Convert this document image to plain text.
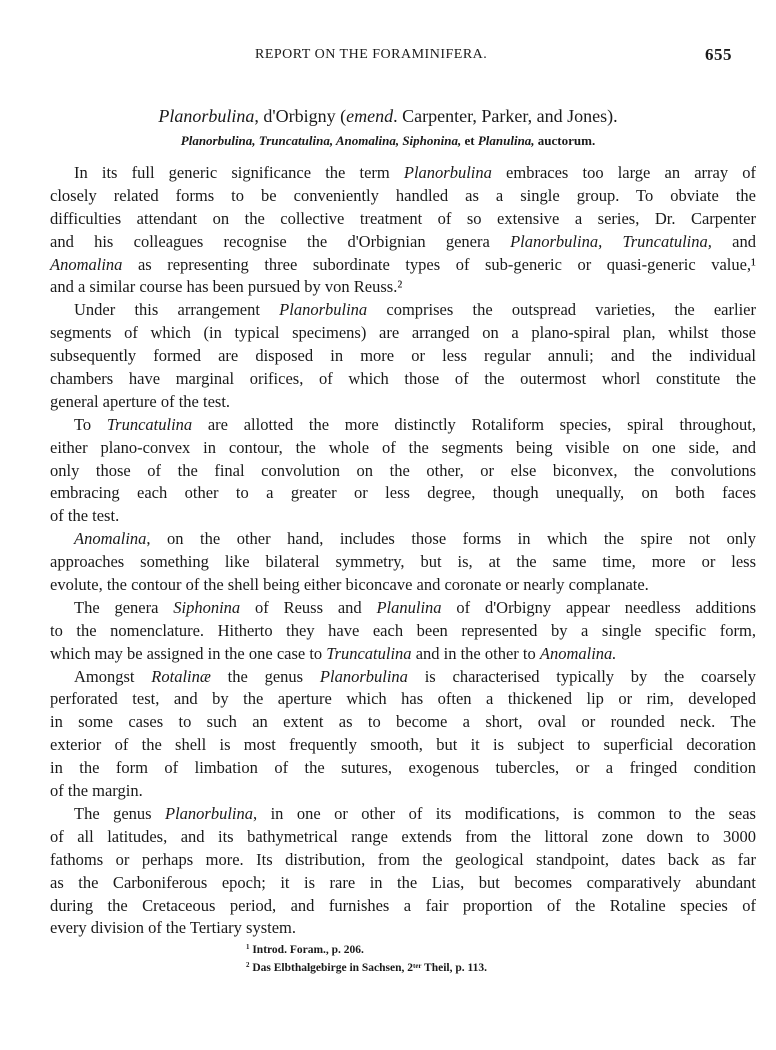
REPORT ON THE FORAMINIFERA.	655
Planorbulina, d'Orbigny (emend. Carpenter, Parker, and Jones).
Planorbulina, Truncatulina, Anomalina, Siphonina, et Planulina, auctorum.
In its full generic significance the term Planorbulina embraces too large an array of
closely related forms to be conveniently handled as a single group. To obviate the
difficulties attendant on the collective treatment of so extensive a series, Dr. Carpenter
and his colleagues recognise the d'Orbignian genera Planorbulina, Truncatulina, and
Anomalina as representing three subordinate types of sub-generic or quasi-generic value,¹
and a similar course has been pursued by von Reuss.²
Under this arrangement Planorbulina comprises the outspread varieties, the earlier
segments of which (in typical specimens) are arranged on a plano-spiral plan, whilst those
subsequently formed are disposed in more or less regular annuli; and the individual
chambers have marginal orifices, of which those of the outermost whorl constitute the
general aperture of the test.
To Truncatulina are allotted the more distinctly Rotaliform species, spiral throughout,
either plano-convex in contour, the whole of the segments being visible on one side, and
only those of the final convolution on the other, or else biconvex, the convolutions
embracing each other to a greater or less degree, though unequally, on both faces
of the test.
Anomalina, on the other hand, includes those forms in which the spire not only
approaches something like bilateral symmetry, but is, at the same time, more or less
evolute, the contour of the shell being either biconcave and coronate or nearly complanate.
The genera Siphonina of Reuss and Planulina of d'Orbigny appear needless additions
to the nomenclature. Hitherto they have each been represented by a single specific form,
which may be assigned in the one case to Truncatulina and in the other to Anomalina.
Amongst Rotalinæ the genus Planorbulina is characterised typically by the coarsely
perforated test, and by the aperture which has often a thickened lip or rim, developed
in some cases to such an extent as to become a short, oval or rounded neck. The
exterior of the shell is most frequently smooth, but it is subject to superficial decoration
in the form of limbation of the sutures, exogenous tubercles, or a fringed condition
of the margin.
The genus Planorbulina, in one or other of its modifications, is common to the seas
of all latitudes, and its bathymetrical range extends from the littoral zone down to 3000
fathoms or perhaps more. Its distribution, from the geological standpoint, dates back as far
as the Carboniferous epoch; it is rare in the Lias, but becomes comparatively abundant
during the Cretaceous period, and furnishes a fair proportion of the Rotaline species of
every division of the Tertiary system.
$^1$ Introd. Foram., p. 206.
$^2$ Das Elbthalgebirge in Sachsen, 2ᵗᵉʳ Theil, p. 113.
